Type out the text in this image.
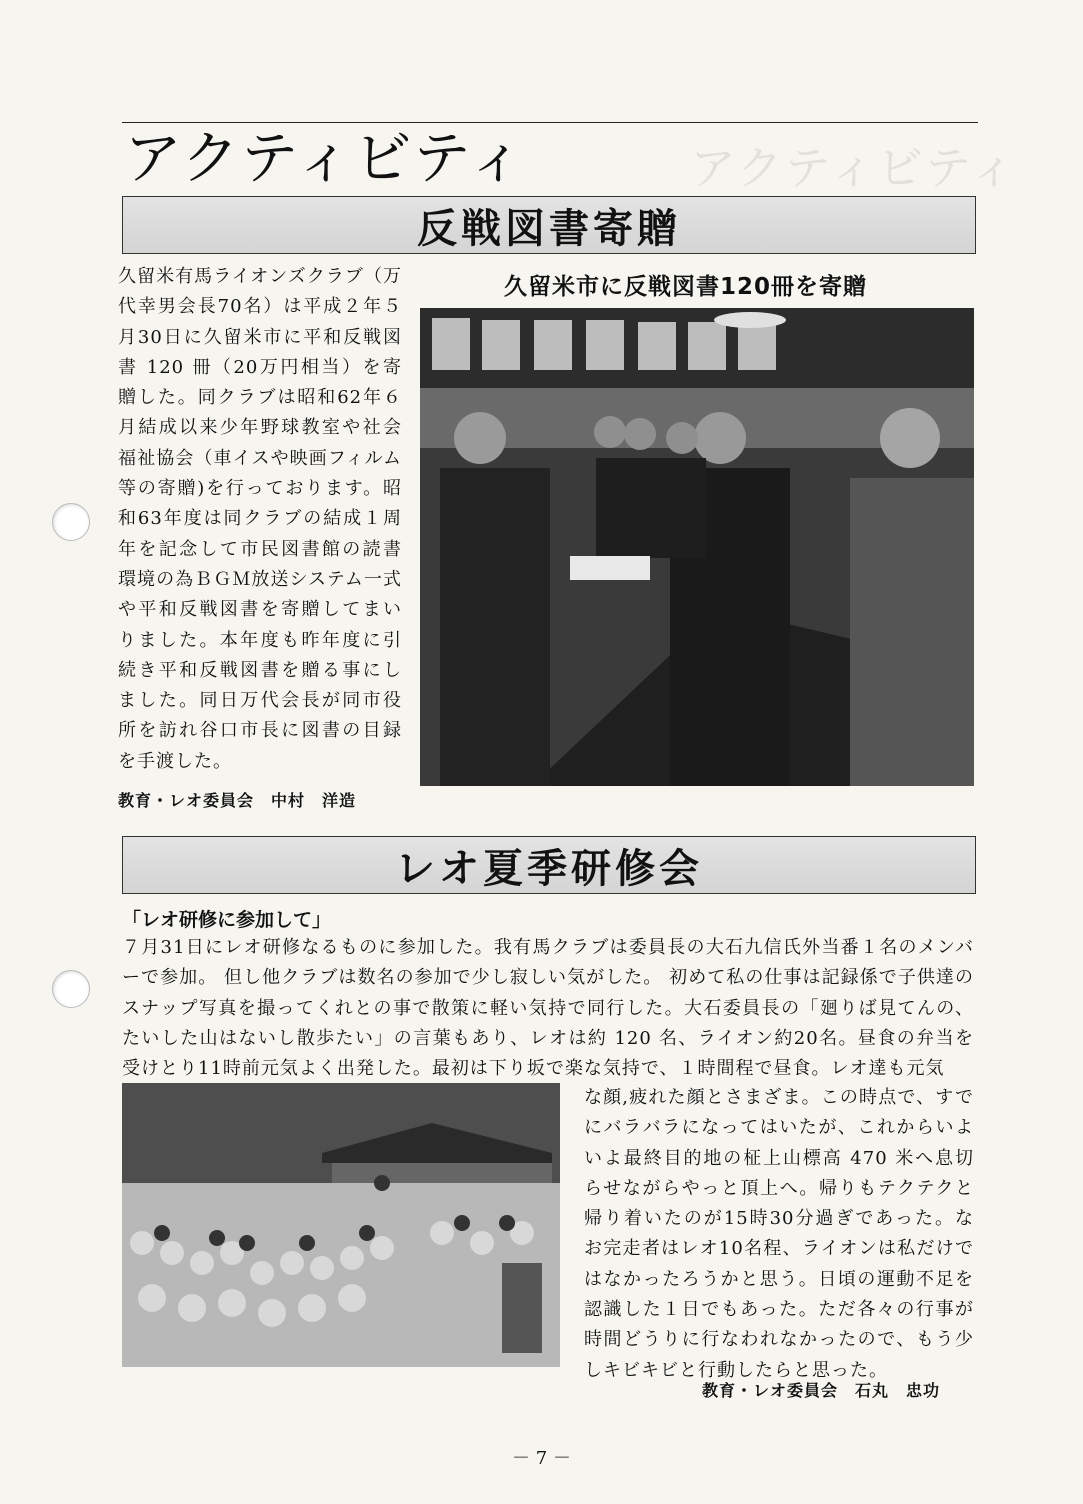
アクティビティ
アクティビティ
反戦図書寄贈
久留米有馬ライオンズクラブ（万代幸男会長70名）は平成２年５月30日に久留米市に平和反戦図書 120 冊（20万円相当）を寄贈した。同クラブは昭和62年６月結成以来少年野球教室や社会福祉協会（車イスや映画フィルム等の寄贈)を行っております。昭和63年度は同クラブの結成１周年を記念して市民図書館の読書環境の為ＢＧＭ放送システム一式や平和反戦図書を寄贈してまいりました。本年度も昨年度に引続き平和反戦図書を贈る事にしました。同日万代会長が同市役所を訪れ谷口市長に図書の目録を手渡した。
教育・レオ委員会　中村　洋造
久留米市に反戦図書120冊を寄贈
レオ夏季研修会
「レオ研修に参加して」
７月31日にレオ研修なるものに参加した。我有馬クラブは委員長の大石九信氏外当番１名のメンバーで参加。 但し他クラブは数名の参加で少し寂しい気がした。 初めて私の仕事は記録係で子供達のスナップ写真を撮ってくれとの事で散策に軽い気持で同行した。大石委員長の「廻りば見てんの、たいした山はないし散歩たい」の言葉もあり、レオは約 120 名、ライオン約20名。昼食の弁当を受けとり11時前元気よく出発した。最初は下り坂で楽な気持で、１時間程で昼食。レオ達も元気
な顔,疲れた顔とさまざま。この時点で、すでにバラバラになってはいたが、これからいよいよ最終目的地の柾上山標高 470 米へ息切らせながらやっと頂上へ。帰りもテクテクと帰り着いたのが15時30分過ぎであった。なお完走者はレオ10名程、ライオンは私だけではなかったろうかと思う。日頃の運動不足を認識した１日でもあった。ただ各々の行事が時間どうりに行なわれなかったので、もう少しキビキビと行動したらと思った。
教育・レオ委員会　石丸　忠功
－ 7 －
